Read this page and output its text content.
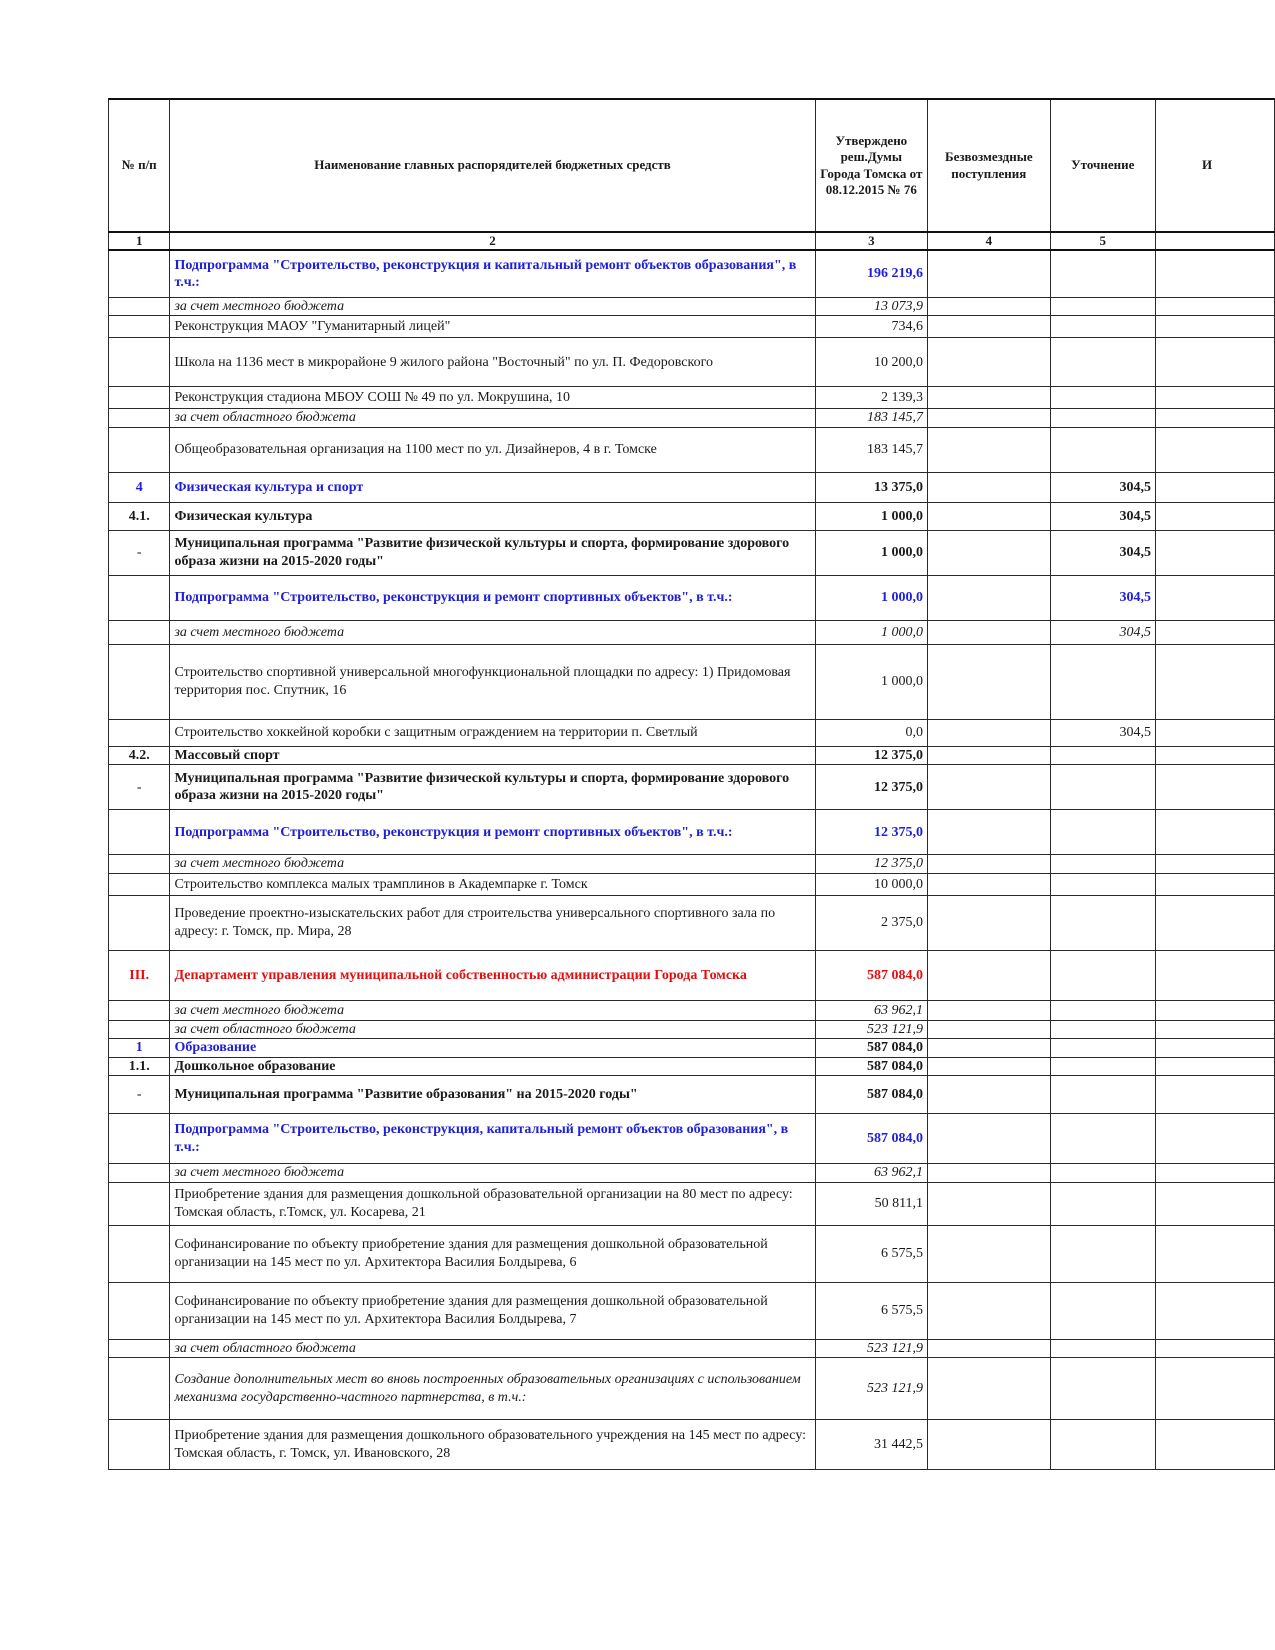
№ п/п	Наименование главных распорядителей бюджетных средств	Утверждено реш.Думы Города Томска от 08.12.2015 № 76	Безвозмездные поступления	Уточнение	И
1	2	3	4	5	
	Подпрограмма "Строительство, реконструкция и капитальный ремонт объектов образования", в т.ч.:	196 219,6			
	за счет местного бюджета	13 073,9			
	Реконструкция МАОУ "Гуманитарный лицей"	734,6			
	Школа на 1136 мест в микрорайоне 9 жилого района "Восточный" по ул. П. Федоровского	10 200,0			
	Реконструкция стадиона МБОУ СОШ № 49 по ул. Мокрушина, 10	2 139,3			
	за счет областного бюджета	183 145,7			
	Общеобразовательная организация на 1100 мест по ул. Дизайнеров, 4 в г. Томске	183 145,7			
4	Физическая культура и спорт	13 375,0		304,5	
4.1.	Физическая культура	1 000,0		304,5	
-	Муниципальная программа "Развитие физической культуры и спорта, формирование здорового образа жизни на 2015-2020 годы"	1 000,0		304,5	
	Подпрограмма "Строительство, реконструкция и ремонт спортивных объектов", в т.ч.:	1 000,0		304,5	
	за счет местного бюджета	1 000,0		304,5	
	Строительство спортивной универсальной многофункциональной площадки по адресу: 1) Придомовая территория пос. Спутник, 16	1 000,0			
	Строительство хоккейной коробки с защитным ограждением на территории п. Светлый	0,0		304,5	
4.2.	Массовый спорт	12 375,0			
-	Муниципальная программа "Развитие физической культуры и спорта, формирование здорового образа жизни на 2015-2020 годы"	12 375,0			
	Подпрограмма "Строительство, реконструкция и ремонт спортивных объектов", в т.ч.:	12 375,0			
	за счет местного бюджета	12 375,0			
	Строительство комплекса малых трамплинов в Академпарке г. Томск	10 000,0			
	Проведение проектно-изыскательских работ для строительства универсального спортивного зала по адресу: г. Томск, пр. Мира, 28	2 375,0			
III.	Департамент управления муниципальной собственностью администрации Города Томска	587 084,0			
	за счет местного бюджета	63 962,1			
	за счет областного бюджета	523 121,9			
1	Образование	587 084,0			
1.1.	Дошкольное образование	587 084,0			
-	Муниципальная программа "Развитие образования" на 2015-2020 годы"	587 084,0			
	Подпрограмма "Строительство, реконструкция, капитальный ремонт объектов образования", в т.ч.:	587 084,0			
	за счет местного бюджета	63 962,1			
	Приобретение здания для размещения дошкольной образовательной организации на 80 мест по адресу: Томская область, г.Томск, ул. Косарева, 21	50 811,1			
	Софинансирование по объекту приобретение здания для размещения дошкольной образовательной организации на 145 мест по ул. Архитектора Василия Болдырева, 6	6 575,5			
	Софинансирование по объекту приобретение здания для размещения дошкольной образовательной организации на 145 мест по ул. Архитектора Василия Болдырева, 7	6 575,5			
	за счет областного бюджета	523 121,9			
	Создание дополнительных мест во вновь построенных образовательных организациях с использованием механизма государственно-частного партнерства, в т.ч.:	523 121,9			
	Приобретение здания для размещения дошкольного образовательного учреждения на 145 мест по адресу: Томская область, г. Томск, ул. Ивановского, 28	31 442,5			
